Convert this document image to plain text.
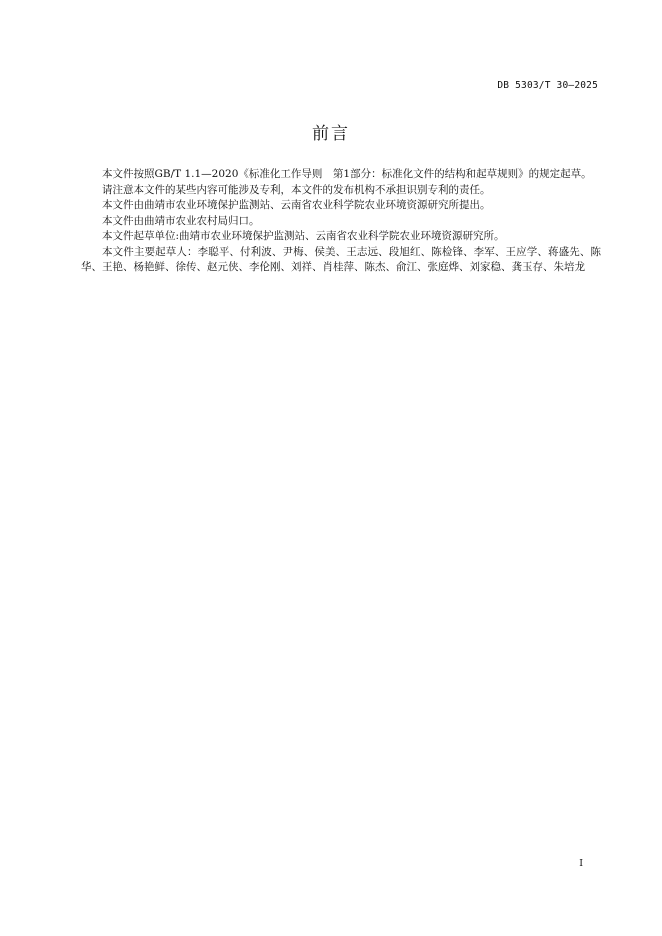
DB 5303/T 30—2025
前言

本文件按照GB/T 1.1—2020《标准化工作导则　第1部分：标准化文件的结构和起草规则》的规定起草。

请注意本文件的某些内容可能涉及专利，本文件的发布机构不承担识别专利的责任。

本文件由曲靖市农业环境保护监测站、云南省农业科学院农业环境资源研究所提出。

本文件由曲靖市农业农村局归口。

本文件起草单位:曲靖市农业环境保护监测站、云南省农业科学院农业环境资源研究所。

本文件主要起草人：李聪平、付利波、尹梅、侯美、王志远、段旭红、陈检锋、李军、王应学、蒋盛先、陈华、王艳、杨艳鲜、徐传、赵元侠、李伦刚、刘祥、肖桂萍、陈杰、俞江、张庭烨、刘家稳、龚玉存、朱培龙

I
